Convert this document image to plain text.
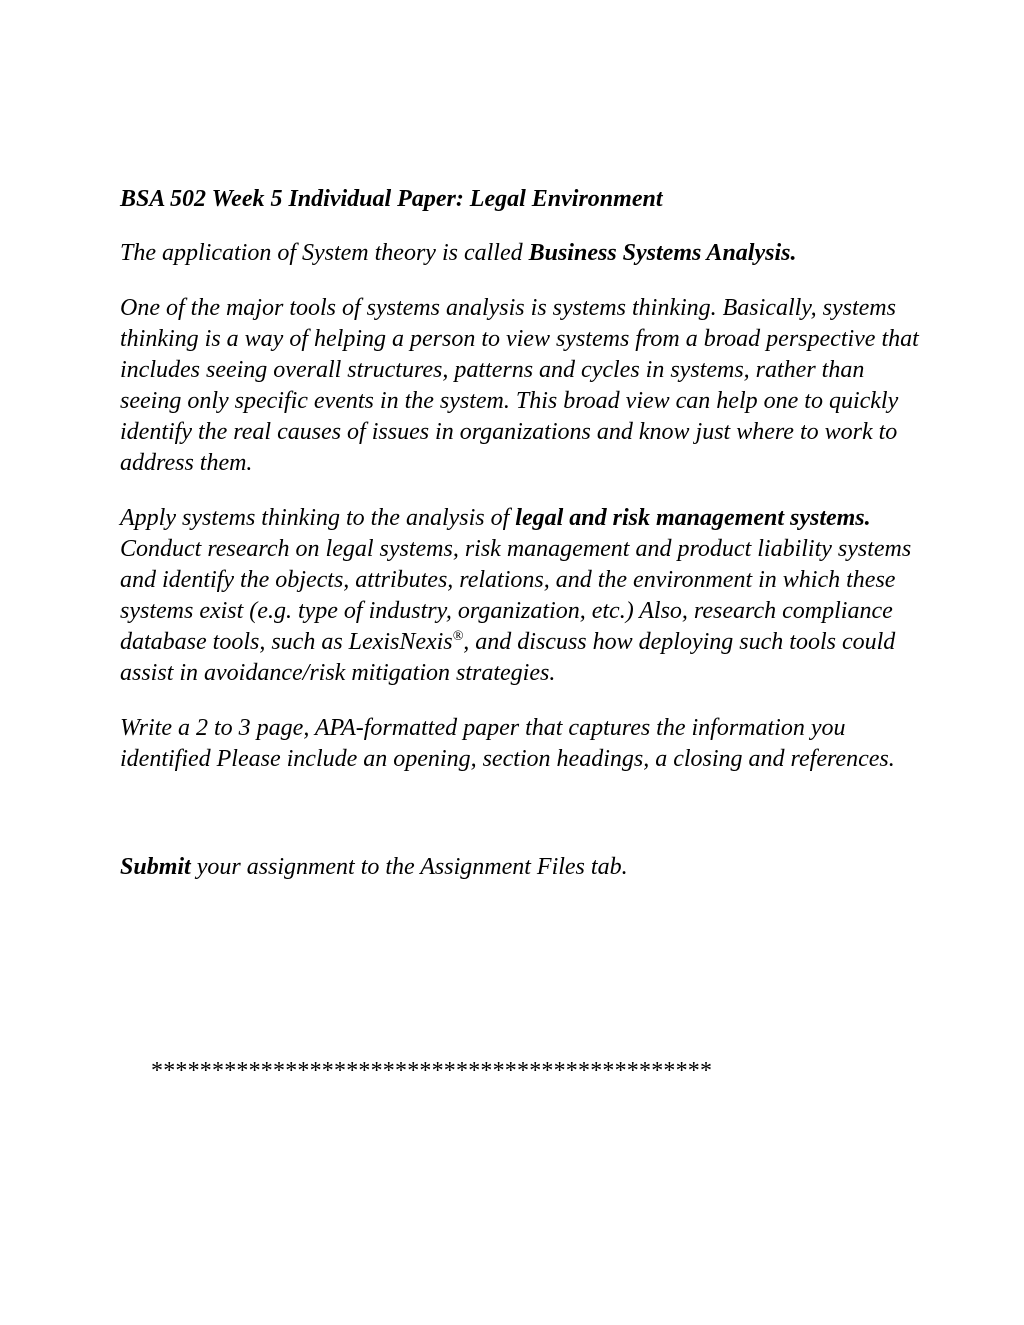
BSA 502 Week 5 Individual Paper: Legal Environment

The application of System theory is called Business Systems Analysis.

One of the major tools of systems analysis is systems thinking. Basically, systems thinking is a way of helping a person to view systems from a broad perspective that includes seeing overall structures, patterns and cycles in systems, rather than seeing only specific events in the system. This broad view can help one to quickly identify the real causes of issues in organizations and know just where to work to address them.

Apply systems thinking to the analysis of legal and risk management systems. Conduct research on legal systems, risk management and product liability systems and identify the objects, attributes, relations, and the environment in which these systems exist (e.g. type of industry, organization, etc.) Also, research compliance database tools, such as LexisNexis®, and discuss how deploying such tools could assist in avoidance/risk mitigation strategies.

Write a 2 to 3 page, APA-formatted paper that captures the information you identified Please include an opening, section headings, a closing and references.

Submit your assignment to the Assignment Files tab.

**********************************************
